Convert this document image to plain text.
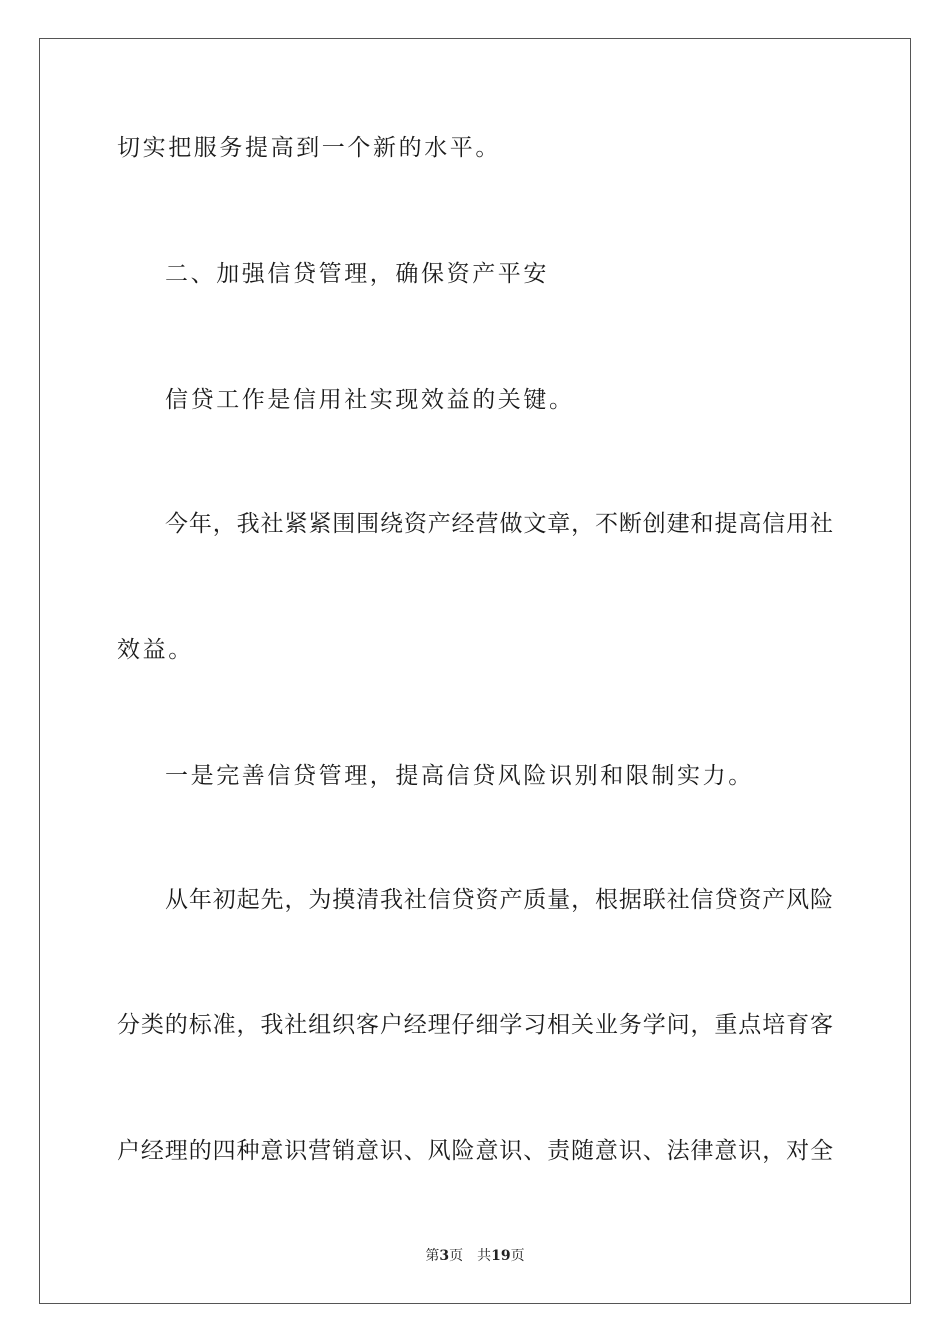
切实把服务提高到一个新的水平。

二、加强信贷管理，确保资产平安

信贷工作是信用社实现效益的关键。

今年，我社紧紧围围绕资产经营做文章，不断创建和提高信用社

效益。

一是完善信贷管理，提高信贷风险识别和限制实力。

从年初起先，为摸清我社信贷资产质量，根据联社信贷资产风险

分类的标准，我社组织客户经理仔细学习相关业务学问，重点培育客

户经理的四种意识营销意识、风险意识、责随意识、法律意识，对全

第3页 共19页
